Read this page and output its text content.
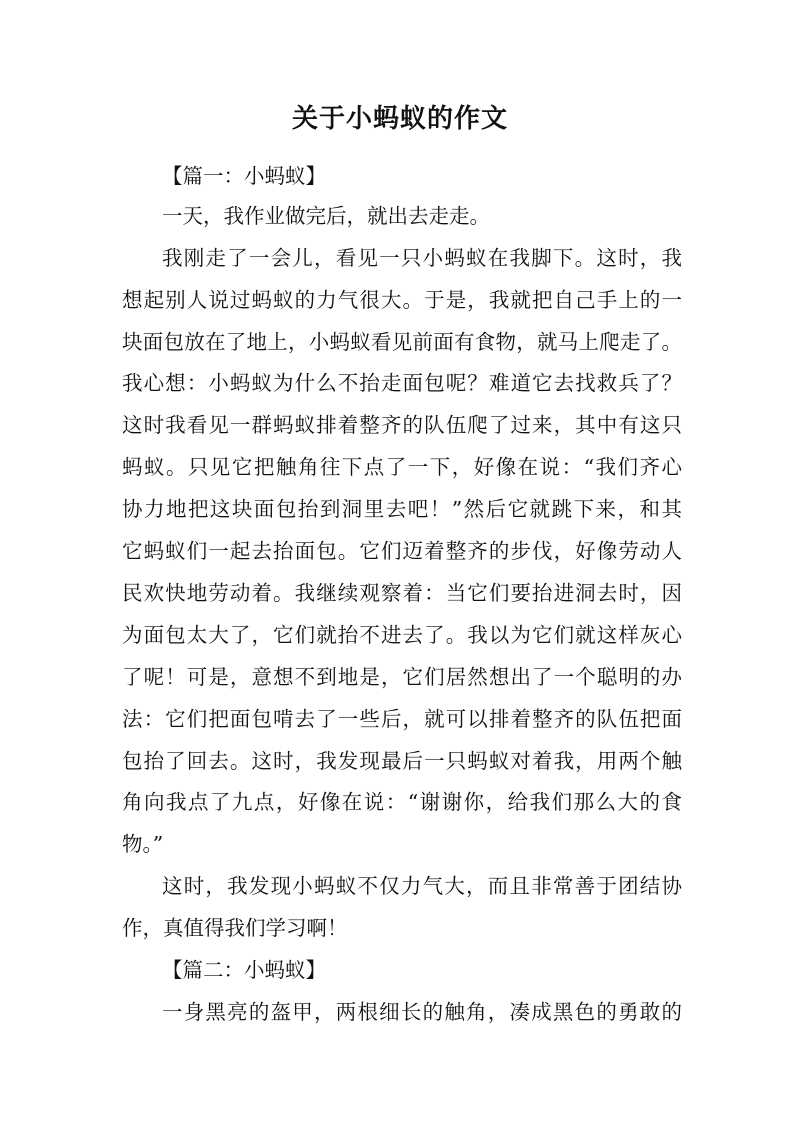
关于小蚂蚁的作文
【篇一：小蚂蚁】
一天，我作业做完后，就出去走走。
我刚走了一会儿，看见一只小蚂蚁在我脚下。这时，我
想起别人说过蚂蚁的力气很大。于是，我就把自己手上的一
块面包放在了地上，小蚂蚁看见前面有食物，就马上爬走了。
我心想：小蚂蚁为什么不抬走面包呢？难道它去找救兵了？
这时我看见一群蚂蚁排着整齐的队伍爬了过来，其中有这只
蚂蚁。只见它把触角往下点了一下，好像在说：“我们齐心
协力地把这块面包抬到洞里去吧！”然后它就跳下来，和其
它蚂蚁们一起去抬面包。它们迈着整齐的步伐，好像劳动人
民欢快地劳动着。我继续观察着：当它们要抬进洞去时，因
为面包太大了，它们就抬不进去了。我以为它们就这样灰心
了呢！可是，意想不到地是，它们居然想出了一个聪明的办
法：它们把面包啃去了一些后，就可以排着整齐的队伍把面
包抬了回去。这时，我发现最后一只蚂蚁对着我，用两个触
角向我点了九点，好像在说：“谢谢你，给我们那么大的食
物。”
这时，我发现小蚂蚁不仅力气大，而且非常善于团结协
作，真值得我们学习啊！
【篇二：小蚂蚁】
一身黑亮的盔甲，两根细长的触角，凑成黑色的勇敢的
